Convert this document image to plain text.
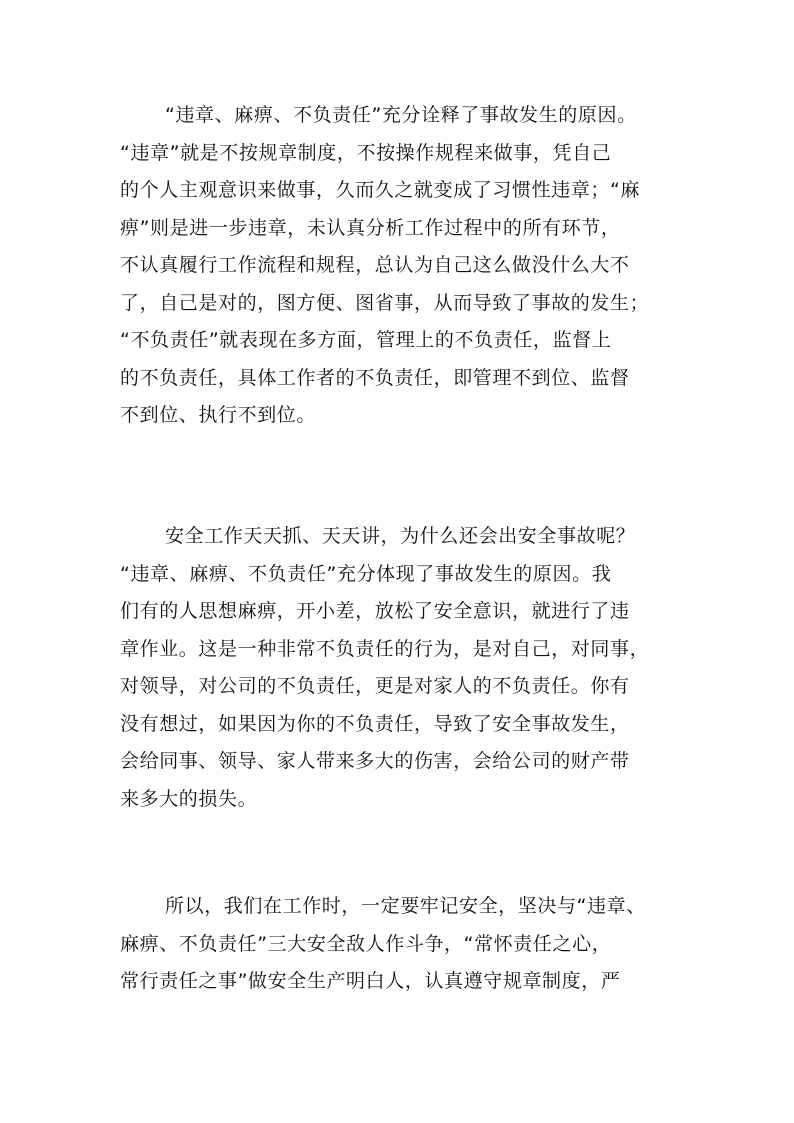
“违章、麻痹、不负责任”充分诠释了事故发生的原因。
“违章”就是不按规章制度，不按操作规程来做事，凭自己
的个人主观意识来做事，久而久之就变成了习惯性违章；“麻
痹”则是进一步违章，未认真分析工作过程中的所有环节，
不认真履行工作流程和规程，总认为自己这么做没什么大不
了，自己是对的，图方便、图省事，从而导致了事故的发生；
“不负责任”就表现在多方面，管理上的不负责任，监督上
的不负责任，具体工作者的不负责任，即管理不到位、监督
不到位、执行不到位。
安全工作天天抓、天天讲，为什么还会出安全事故呢？
“违章、麻痹、不负责任”充分体现了事故发生的原因。我
们有的人思想麻痹，开小差，放松了安全意识，就进行了违
章作业。这是一种非常不负责任的行为，是对自己，对同事，
对领导，对公司的不负责任，更是对家人的不负责任。你有
没有想过，如果因为你的不负责任，导致了安全事故发生，
会给同事、领导、家人带来多大的伤害，会给公司的财产带
来多大的损失。
所以，我们在工作时，一定要牢记安全，坚决与“违章、
麻痹、不负责任”三大安全敌人作斗争，“常怀责任之心，
常行责任之事”做安全生产明白人，认真遵守规章制度，严
